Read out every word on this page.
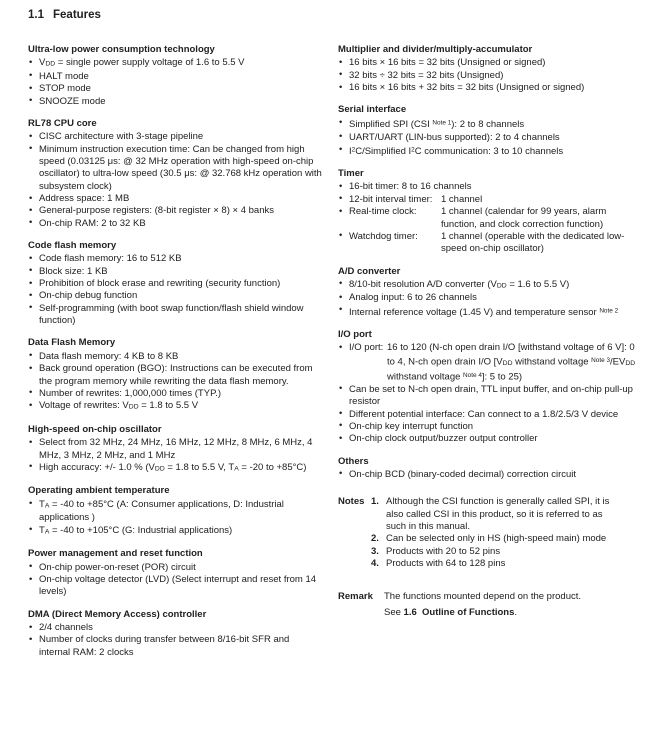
1.1 Features
Ultra-low power consumption technology
• VDD = single power supply voltage of 1.6 to 5.5 V
• HALT mode
• STOP mode
• SNOOZE mode
RL78 CPU core
• CISC architecture with 3-stage pipeline
• Minimum instruction execution time: Can be changed from high speed (0.03125 μs: @ 32 MHz operation with high-speed on-chip oscillator) to ultra-low speed (30.5 μs: @ 32.768 kHz operation with subsystem clock)
• Address space: 1 MB
• General-purpose registers: (8-bit register × 8) × 4 banks
• On-chip RAM: 2 to 32 KB
Code flash memory
• Code flash memory: 16 to 512 KB
• Block size: 1 KB
• Prohibition of block erase and rewriting (security function)
• On-chip debug function
• Self-programming (with boot swap function/flash shield window function)
Data Flash Memory
• Data flash memory: 4 KB to 8 KB
• Back ground operation (BGO): Instructions can be executed from the program memory while rewriting the data flash memory.
• Number of rewrites: 1,000,000 times (TYP.)
• Voltage of rewrites: VDD = 1.8 to 5.5 V
High-speed on-chip oscillator
• Select from 32 MHz, 24 MHz, 16 MHz, 12 MHz, 8 MHz, 6 MHz, 4 MHz, 3 MHz, 2 MHz, and 1 MHz
• High accuracy: +/- 1.0 % (VDD = 1.8 to 5.5 V, TA = -20 to +85°C)
Operating ambient temperature
• TA = -40 to +85°C (A: Consumer applications, D: Industrial applications )
• TA = -40 to +105°C (G: Industrial applications)
Power management and reset function
• On-chip power-on-reset (POR) circuit
• On-chip voltage detector (LVD) (Select interrupt and reset from 14 levels)
DMA (Direct Memory Access) controller
• 2/4 channels
• Number of clocks during transfer between 8/16-bit SFR and internal RAM: 2 clocks
Multiplier and divider/multiply-accumulator
• 16 bits × 16 bits = 32 bits (Unsigned or signed)
• 32 bits ÷ 32 bits = 32 bits (Unsigned)
• 16 bits × 16 bits + 32 bits = 32 bits (Unsigned or signed)
Serial interface
• Simplified SPI (CSI $^{Note 1}$): 2 to 8 channels
• UART/UART (LIN-bus supported): 2 to 4 channels
• $I^2C$/Simplified $I^2C$ communication: 3 to 10 channels
Timer
• 16-bit timer: 8 to 16 channels
• 12-bit interval timer: 1 channel
• Real-time clock:	1 channel (calendar for 99 years, alarm function, and clock correction function)
• Watchdog timer:	1 channel (operable with the dedicated low-speed on-chip oscillator)
A/D converter
• 8/10-bit resolution A/D converter (VDD = 1.6 to 5.5 V)
• Analog input: 6 to 26 channels
• Internal reference voltage (1.45 V) and temperature sensor $^{Note 2}$
I/O port
• I/O port: 16 to 120 (N-ch open drain I/O [withstand voltage of 6 V]: 0 to 4, N-ch open drain I/O [VDD withstand voltage $^{Note 3}$/EVDD withstand voltage $^{Note 4}$]: 5 to 25)
• Can be set to N-ch open drain, TTL input buffer, and on-chip pull-up resistor
• Different potential interface: Can connect to a 1.8/2.5/3 V device
• On-chip key interrupt function
• On-chip clock output/buzzer output controller
Others
• On-chip BCD (binary-coded decimal) correction circuit
Notes 1. Although the CSI function is generally called SPI, it is also called CSI in this product, so it is referred to as such in this manual.
2. Can be selected only in HS (high-speed main) mode
3. Products with 20 to 52 pins
4. Products with 64 to 128 pins
Remark The functions mounted depend on the product.
See 1.6  Outline of Functions.
